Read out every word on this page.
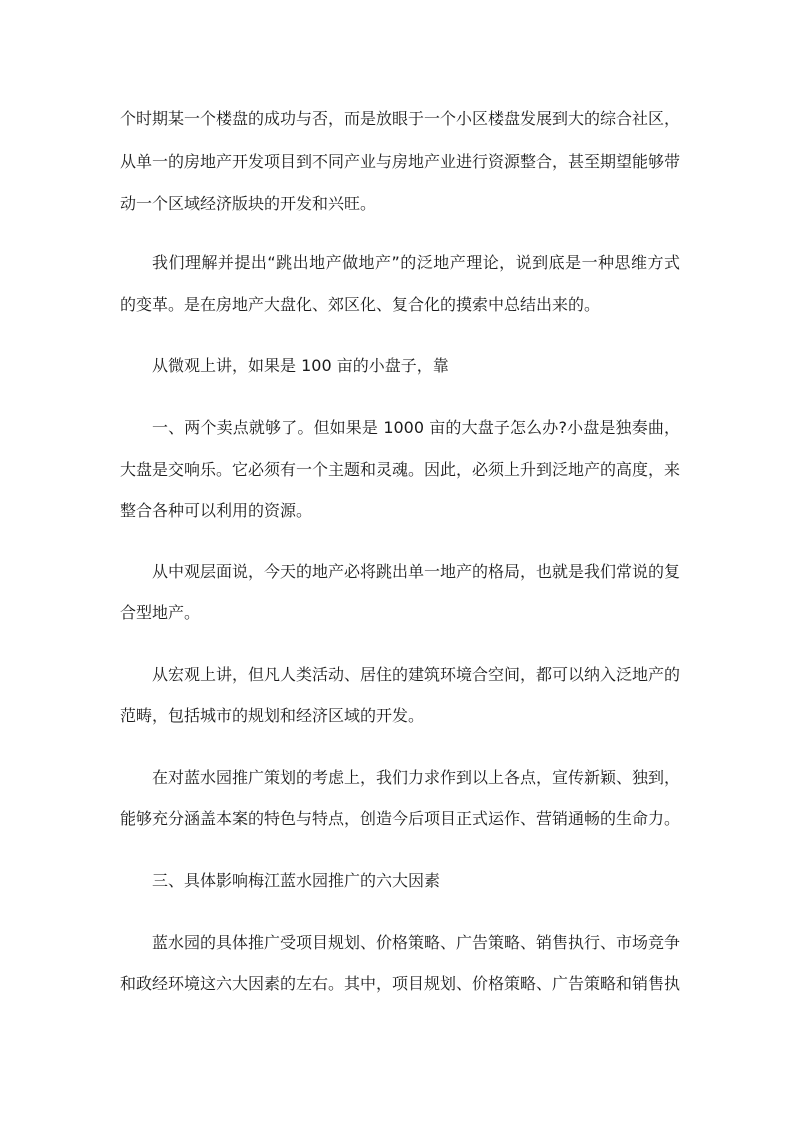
个时期某一个楼盘的成功与否，而是放眼于一个小区楼盘发展到大的综合社区，
从单一的房地产开发项目到不同产业与房地产业进行资源整合，甚至期望能够带
动一个区域经济版块的开发和兴旺。
我们理解并提出“跳出地产做地产”的泛地产理论，说到底是一种思维方式
的变革。是在房地产大盘化、郊区化、复合化的摸索中总结出来的。
从微观上讲，如果是 100 亩的小盘子，靠
一、两个卖点就够了。但如果是 1000 亩的大盘子怎么办?小盘是独奏曲，
大盘是交响乐。它必须有一个主题和灵魂。因此，必须上升到泛地产的高度，来
整合各种可以利用的资源。
从中观层面说，今天的地产必将跳出单一地产的格局，也就是我们常说的复
合型地产。
从宏观上讲，但凡人类活动、居住的建筑环境合空间，都可以纳入泛地产的
范畴，包括城市的规划和经济区域的开发。
在对蓝水园推广策划的考虑上，我们力求作到以上各点，宣传新颖、独到，
能够充分涵盖本案的特色与特点，创造今后项目正式运作、营销通畅的生命力。
三、具体影响梅江蓝水园推广的六大因素
蓝水园的具体推广受项目规划、价格策略、广告策略、销售执行、市场竞争
和政经环境这六大因素的左右。其中，项目规划、价格策略、广告策略和销售执
